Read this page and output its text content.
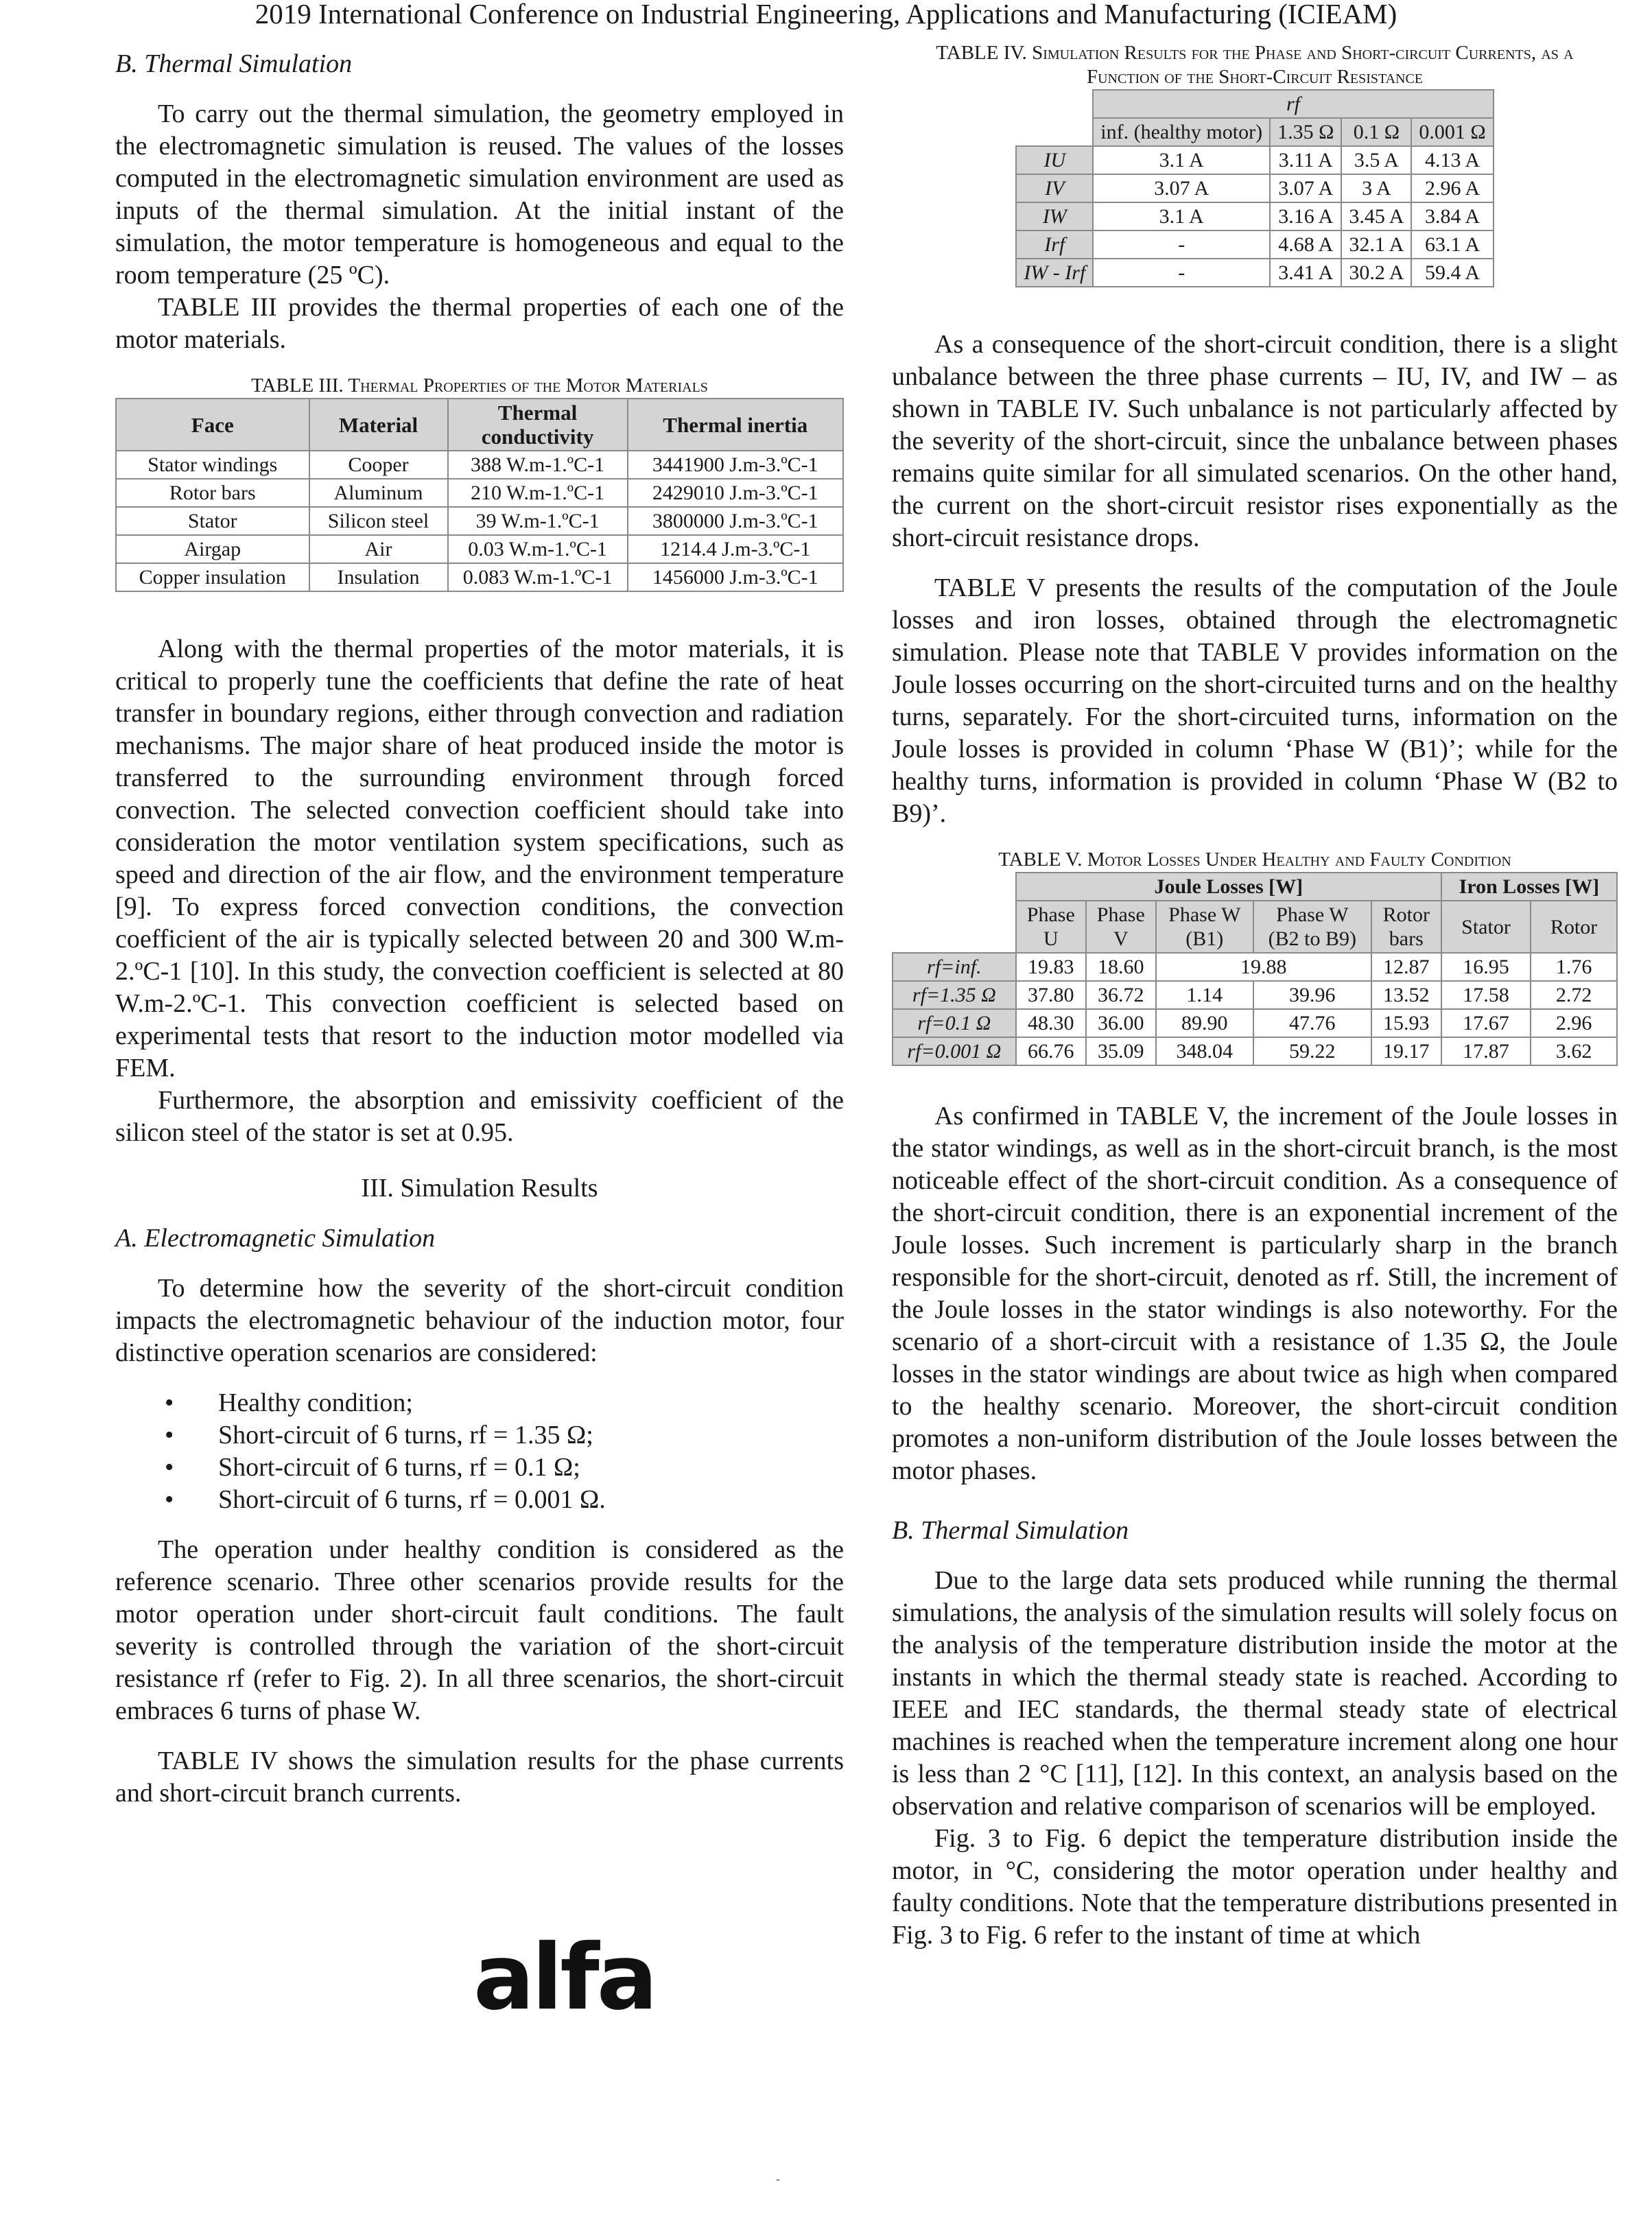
2019 International Conference on Industrial Engineering, Applications and Manufacturing (ICIEAM)

B. Thermal Simulation

To carry out the thermal simulation, the geometry employed in the electromagnetic simulation is reused. The values of the losses computed in the electromagnetic simulation environment are used as inputs of the thermal simulation. At the initial instant of the simulation, the motor temperature is homogeneous and equal to the room temperature (25 ºC).

TABLE III provides the thermal properties of each one of the motor materials.

TABLE III. Thermal Properties of the Motor Materials

Face	Material	Thermal conductivity	Thermal inertia
Stator windings	Cooper	388 W.m-1.ºC-1	3441900 J.m-3.ºC-1
Rotor bars	Aluminum	210 W.m-1.ºC-1	2429010 J.m-3.ºC-1
Stator	Silicon steel	39 W.m-1.ºC-1	3800000 J.m-3.ºC-1
Airgap	Air	0.03 W.m-1.ºC-1	1214.4 J.m-3.ºC-1
Copper insulation	Insulation	0.083 W.m-1.ºC-1	1456000 J.m-3.ºC-1

Along with the thermal properties of the motor materials, it is critical to properly tune the coefficients that define the rate of heat transfer in boundary regions, either through convection and radiation mechanisms. The major share of heat produced inside the motor is transferred to the surrounding environment through forced convection. The selected convection coefficient should take into consideration the motor ventilation system specifications, such as speed and direction of the air flow, and the environment temperature [9]. To express forced convection conditions, the convection coefficient of the air is typically selected between 20 and 300 W.m-2.ºC-1 [10]. In this study, the convection coefficient is selected at 80 W.m-2.ºC-1. This convection coefficient is selected based on experimental tests that resort to the induction motor modelled via FEM.

Furthermore, the absorption and emissivity coefficient of the silicon steel of the stator is set at 0.95.

III. Simulation Results

A. Electromagnetic Simulation

To determine how the severity of the short-circuit condition impacts the electromagnetic behaviour of the induction motor, four distinctive operation scenarios are considered:

• Healthy condition;
• Short-circuit of 6 turns, rf = 1.35 Ω;
• Short-circuit of 6 turns, rf = 0.1 Ω;
• Short-circuit of 6 turns, rf = 0.001 Ω.

The operation under healthy condition is considered as the reference scenario. Three other scenarios provide results for the motor operation under short-circuit fault conditions. The fault severity is controlled through the variation of the short-circuit resistance rf (refer to Fig. 2). In all three scenarios, the short-circuit embraces 6 turns of phase W.

TABLE IV shows the simulation results for the phase currents and short-circuit branch currents.

alfa

TABLE IV. Simulation Results for the Phase and Short-circuit Currents, as a Function of the Short-Circuit Resistance

	rf			
	inf. (healthy motor)	1.35 Ω	0.1 Ω	0.001 Ω
IU	3.1 A	3.11 A	3.5 A	4.13 A
IV	3.07 A	3.07 A	3 A	2.96 A
IW	3.1 A	3.16 A	3.45 A	3.84 A
Irf	-	4.68 A	32.1 A	63.1 A
IW - Irf	-	3.41 A	30.2 A	59.4 A

As a consequence of the short-circuit condition, there is a slight unbalance between the three phase currents – IU, IV, and IW – as shown in TABLE IV. Such unbalance is not particularly affected by the severity of the short-circuit, since the unbalance between phases remains quite similar for all simulated scenarios. On the other hand, the current on the short-circuit resistor rises exponentially as the short-circuit resistance drops.

TABLE V presents the results of the computation of the Joule losses and iron losses, obtained through the electromagnetic simulation. Please note that TABLE V provides information on the Joule losses occurring on the short-circuited turns and on the healthy turns, separately. For the short-circuited turns, information on the Joule losses is provided in column ‘Phase W (B1)’; while for the healthy turns, information is provided in column ‘Phase W (B2 to B9)’.

TABLE V. Motor Losses Under Healthy and Faulty Condition

	Joule Losses [W]					Iron Losses [W]	
	Phase U	Phase V	Phase W (B1)	Phase W (B2 to B9)	Rotor bars	Stator	Rotor
rf=inf.	19.83	18.60	19.88		12.87	16.95	1.76
rf=1.35 Ω	37.80	36.72	1.14	39.96	13.52	17.58	2.72
rf=0.1 Ω	48.30	36.00	89.90	47.76	15.93	17.67	2.96
rf=0.001 Ω	66.76	35.09	348.04	59.22	19.17	17.87	3.62

As confirmed in TABLE V, the increment of the Joule losses in the stator windings, as well as in the short-circuit branch, is the most noticeable effect of the short-circuit condition. As a consequence of the short-circuit condition, there is an exponential increment of the Joule losses. Such increment is particularly sharp in the branch responsible for the short-circuit, denoted as rf. Still, the increment of the Joule losses in the stator windings is also noteworthy. For the scenario of a short-circuit with a resistance of 1.35 Ω, the Joule losses in the stator windings are about twice as high when compared to the healthy scenario. Moreover, the short-circuit condition promotes a non-uniform distribution of the Joule losses between the motor phases.

B. Thermal Simulation

Due to the large data sets produced while running the thermal simulations, the analysis of the simulation results will solely focus on the analysis of the temperature distribution inside the motor at the instants in which the thermal steady state is reached. According to IEEE and IEC standards, the thermal steady state of electrical machines is reached when the temperature increment along one hour is less than 2 °C [11], [12]. In this context, an analysis based on the observation and relative comparison of scenarios will be employed.

Fig. 3 to Fig. 6 depict the temperature distribution inside the motor, in °C, considering the motor operation under healthy and faulty conditions. Note that the temperature distributions presented in Fig. 3 to Fig. 6 refer to the instant of time at which

-
